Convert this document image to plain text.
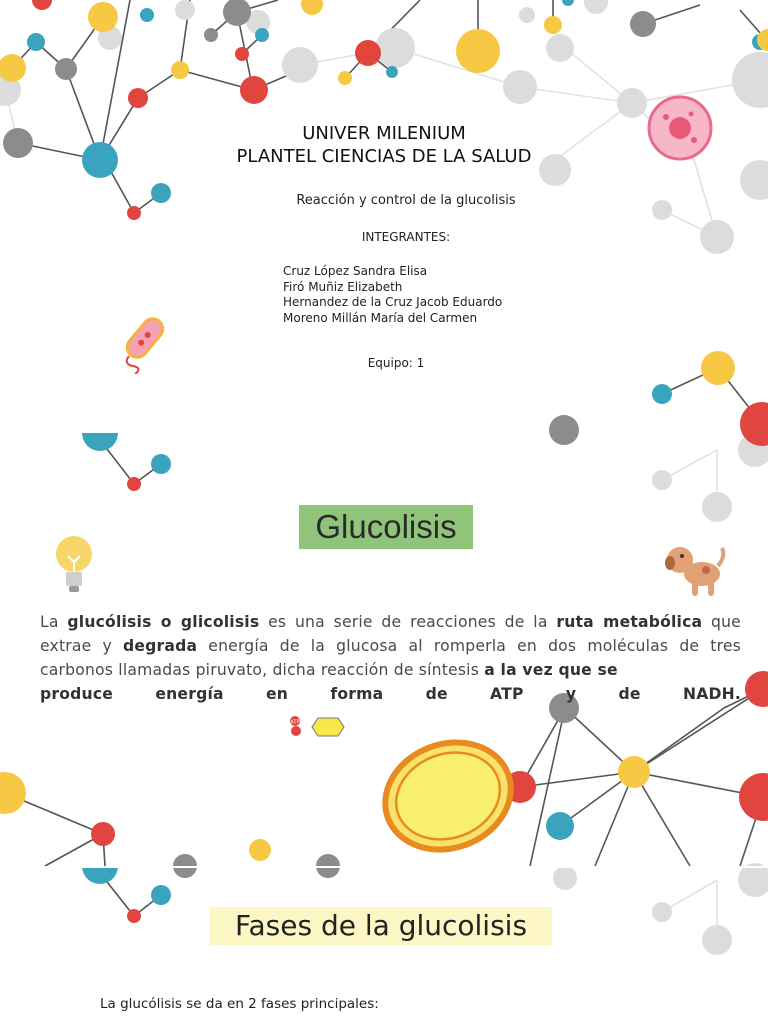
ATP
UNIVER MILENIUM
PLANTEL CIENCIAS DE LA SALUD
Reacción y control de la glucolisis
INTEGRANTES:
Cruz López Sandra Elisa
Firó Muñiz Elizabeth
Hernandez de la Cruz Jacob Eduardo
Moreno Millán María del Carmen
Equipo: 1
Glucolisis
La glucólisis o glicolisis es una serie de reacciones de la ruta metabólica que extrae y degrada energía de la glucosa al romperla en dos moléculas de tres carbonos llamadas piruvato, dicha reacción de síntesis a la vez que se
produce energía en forma de ATP y de NADH.
Fases de la glucolisis
La glucólisis se da en 2 fases principales:
